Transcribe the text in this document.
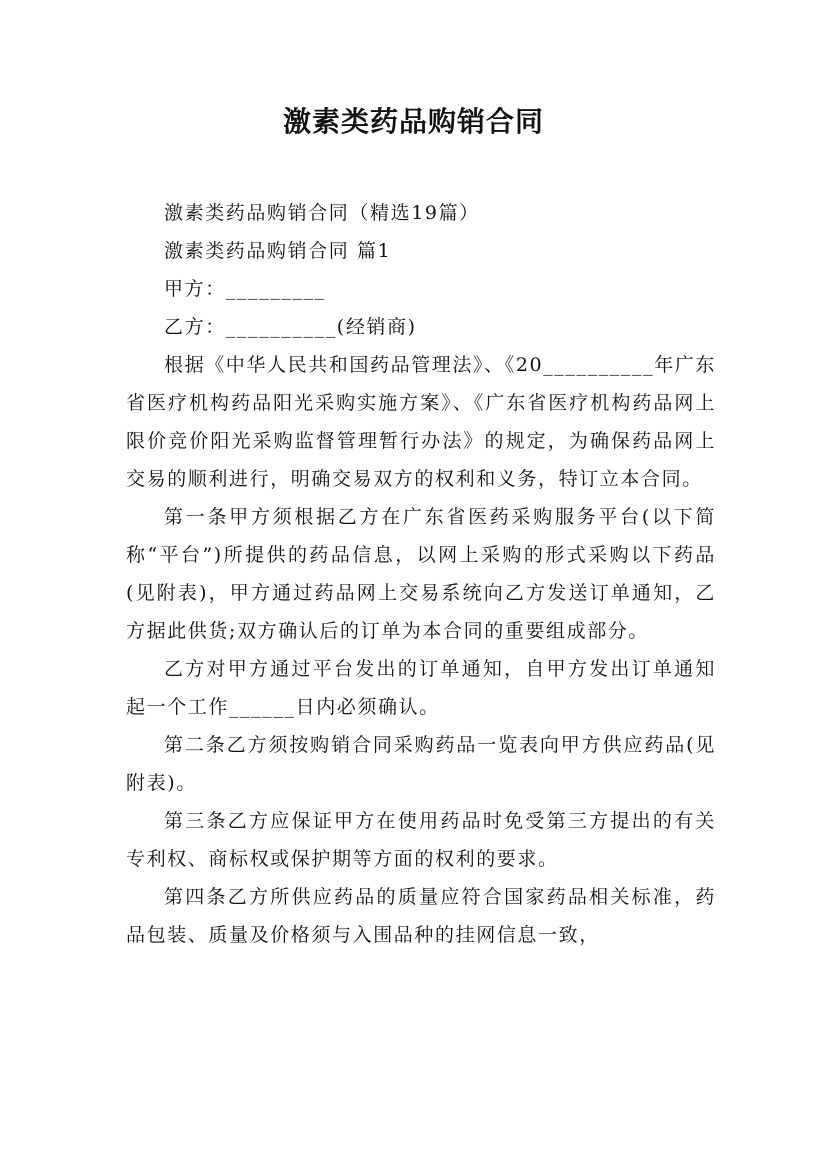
激素类药品购销合同

激素类药品购销合同（精选19篇）

激素类药品购销合同 篇1

甲方：_________

乙方：__________(经销商)

根据《中华人民共和国药品管理法》、《20__________年广东省医疗机构药品阳光采购实施方案》、《广东省医疗机构药品网上限价竞价阳光采购监督管理暂行办法》的规定，为确保药品网上交易的顺利进行，明确交易双方的权利和义务，特订立本合同。

第一条甲方须根据乙方在广东省医药采购服务平台(以下简称“平台”)所提供的药品信息，以网上采购的形式采购以下药品(见附表)，甲方通过药品网上交易系统向乙方发送订单通知，乙方据此供货;双方确认后的订单为本合同的重要组成部分。

乙方对甲方通过平台发出的订单通知，自甲方发出订单通知起一个工作______日内必须确认。

第二条乙方须按购销合同采购药品一览表向甲方供应药品(见附表)。

第三条乙方应保证甲方在使用药品时免受第三方提出的有关专利权、商标权或保护期等方面的权利的要求。

第四条乙方所供应药品的质量应符合国家药品相关标准，药品包装、质量及价格须与入围品种的挂网信息一致，
